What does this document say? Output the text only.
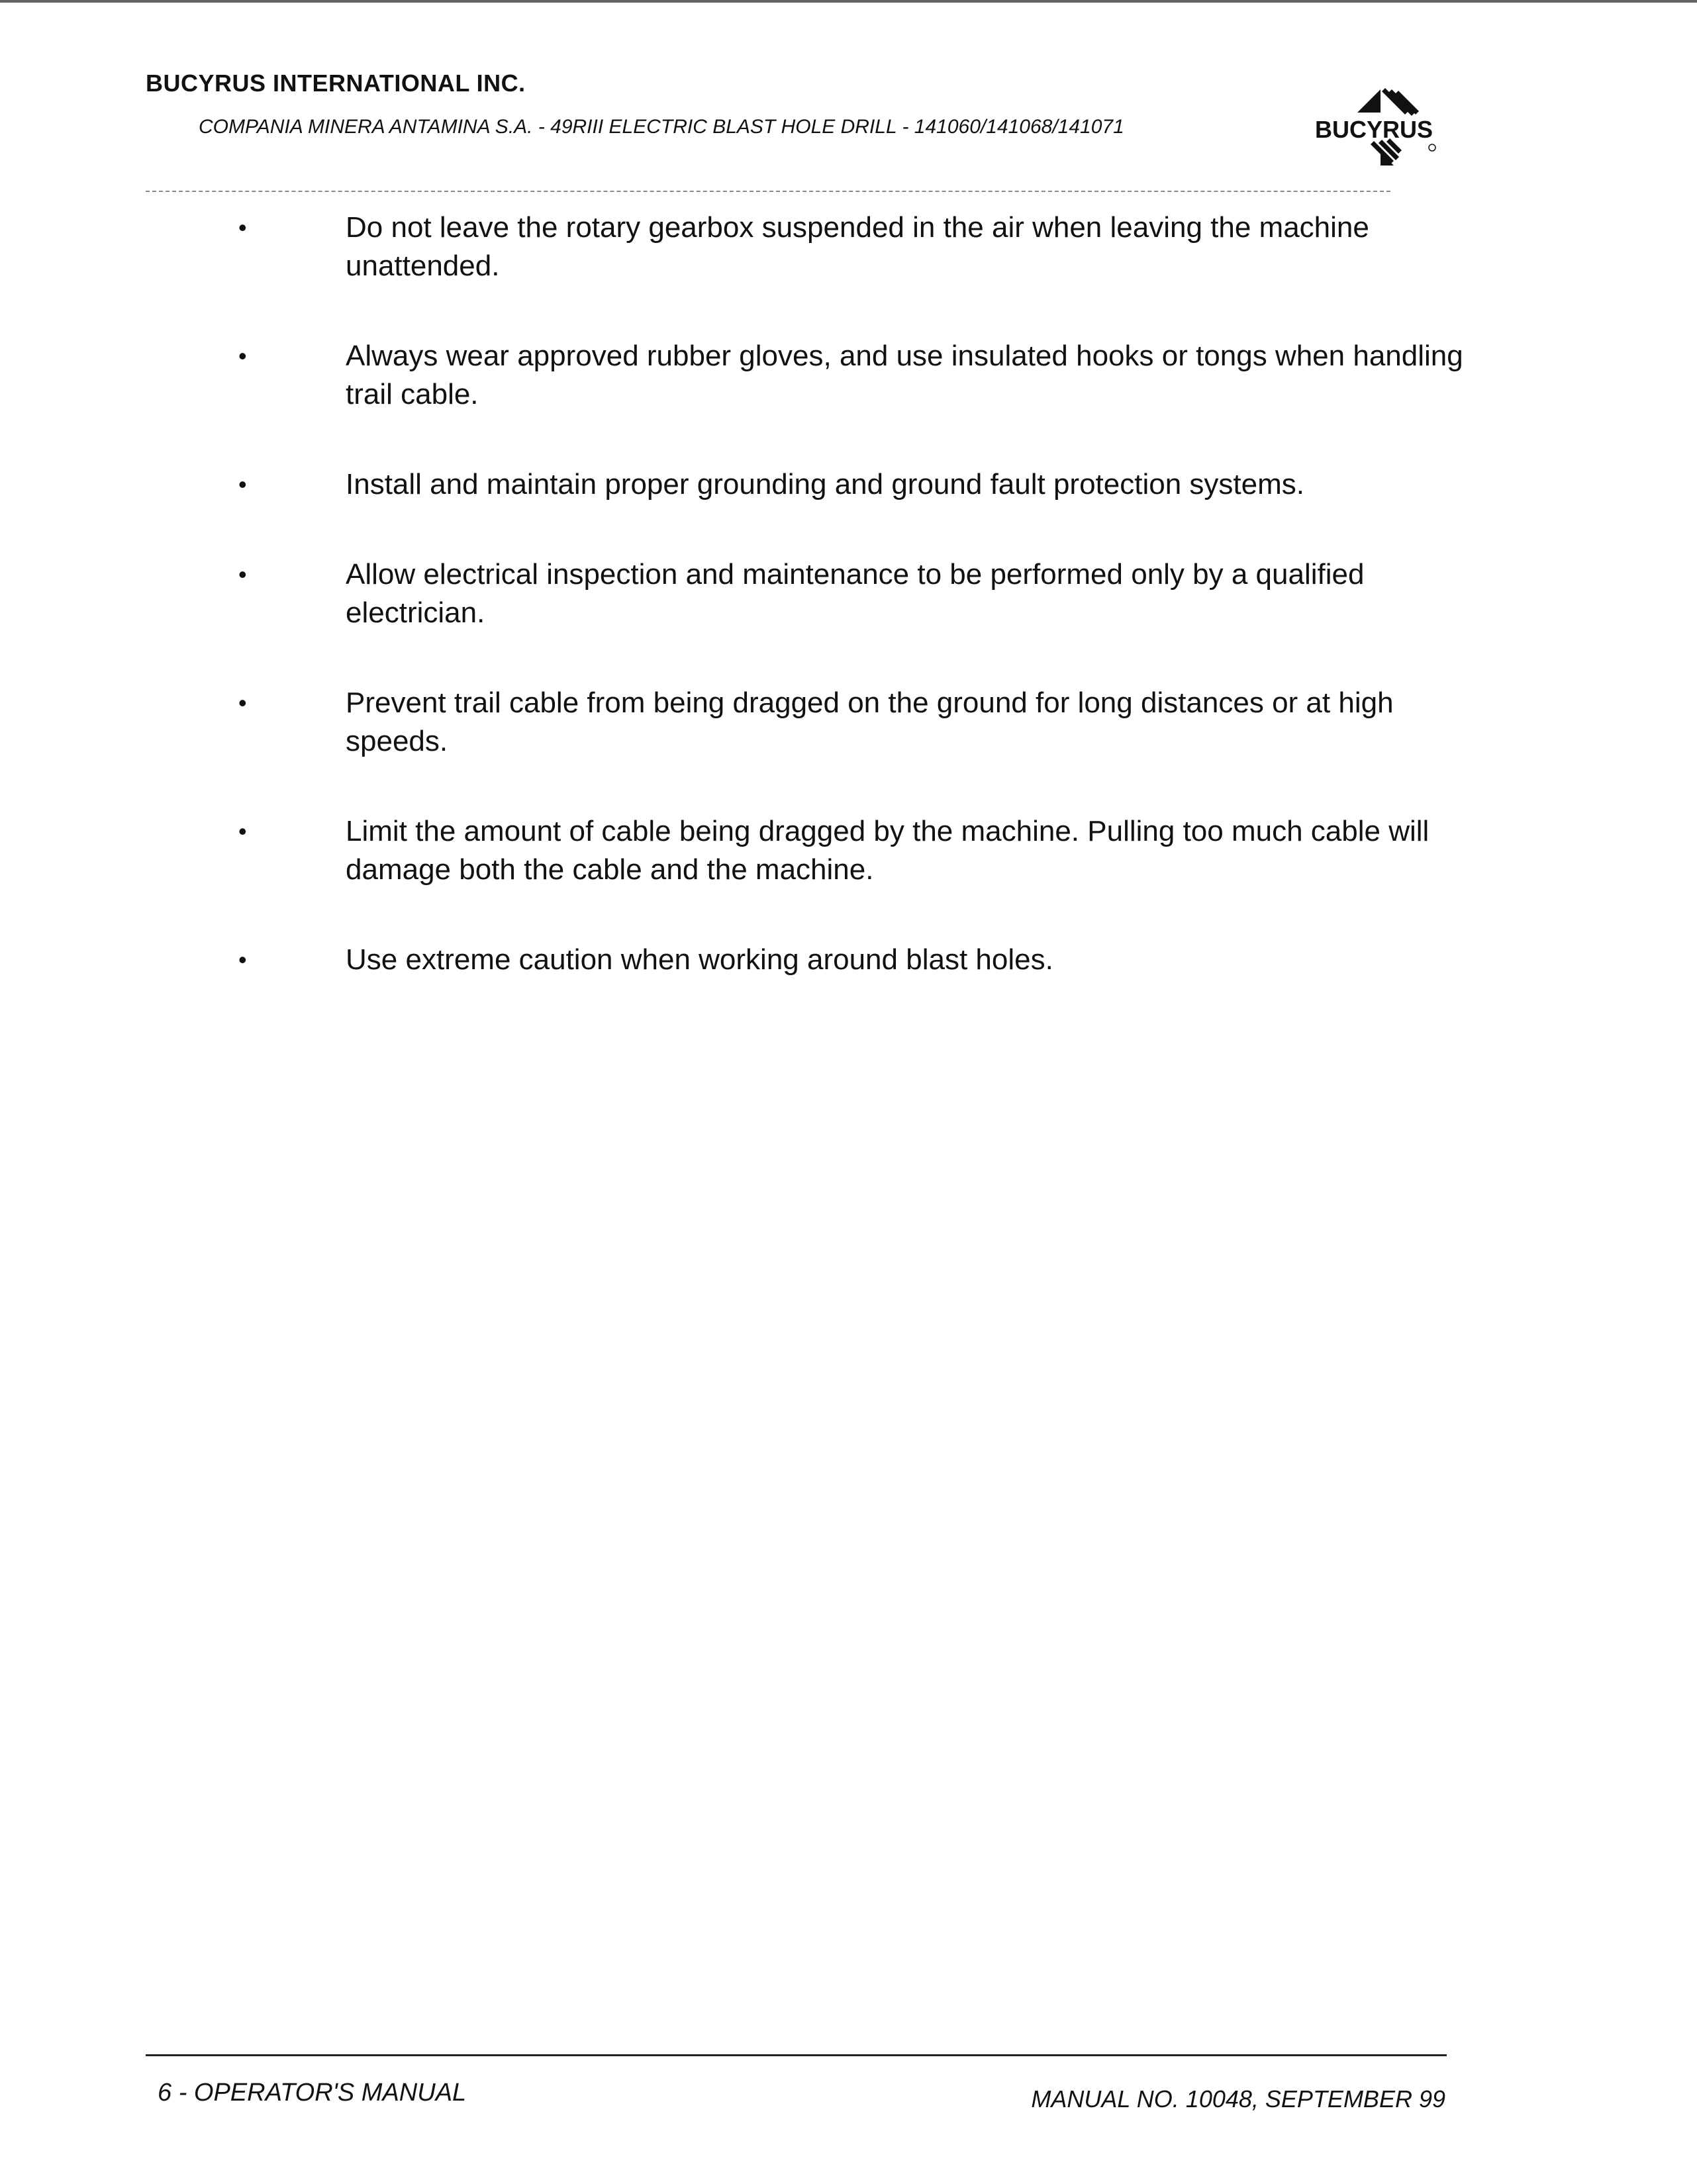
BUCYRUS INTERNATIONAL INC.
COMPANIA MINERA ANTAMINA S.A. - 49RIII ELECTRIC BLAST HOLE DRILL - 141060/141068/141071	BUCYRUS
•	Do not leave the rotary gearbox suspended in the air when leaving the machine unattended.
•	Always wear approved rubber gloves, and use insulated hooks or tongs when handling trail cable.
•	Install and maintain proper grounding and ground fault protection systems.
•	Allow electrical inspection and maintenance to be performed only by a qualified electrician.
•	Prevent trail cable from being dragged on the ground for long distances or at high speeds.
•	Limit the amount of cable being dragged by the machine. Pulling too much cable will damage both the cable and the machine.
•	Use extreme caution when working around blast holes.
6 - OPERATOR'S MANUAL	MANUAL NO. 10048, SEPTEMBER 99
